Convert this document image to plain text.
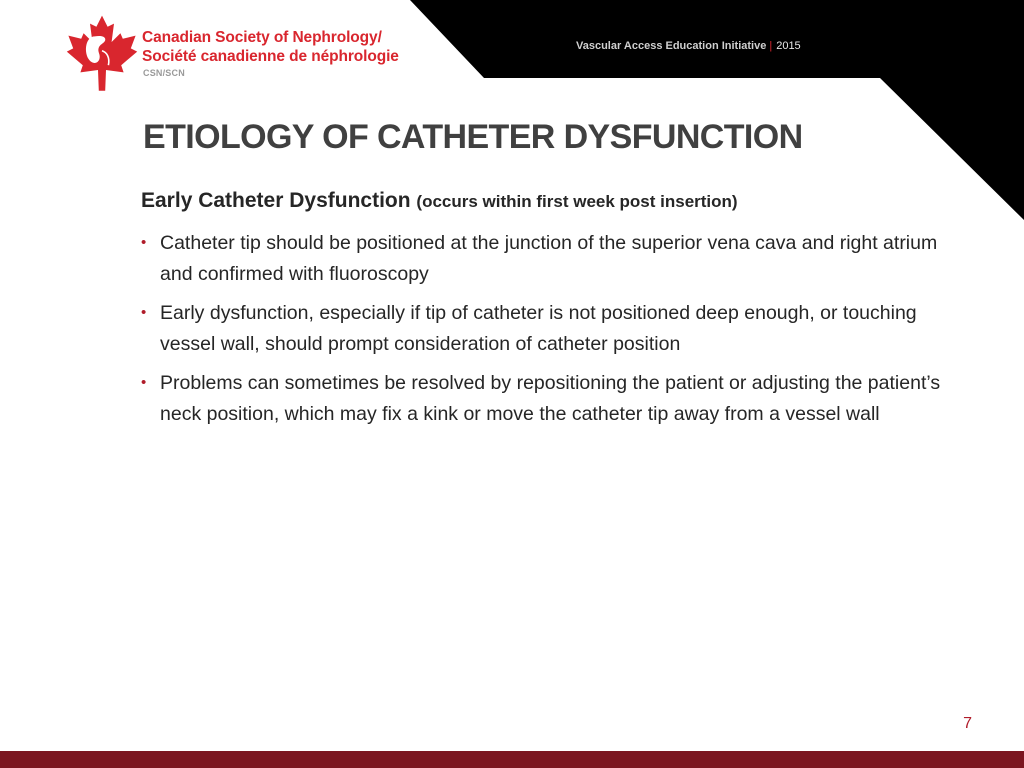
Canadian Society of Nephrology/
Société canadienne de néphrologie
CSN/SCN
Vascular Access Education Initiative | 2015
ETIOLOGY OF CATHETER DYSFUNCTION
Early Catheter Dysfunction (occurs within first week post insertion)
• Catheter tip should be positioned at the junction of the superior vena cava and right atrium and confirmed with fluoroscopy
• Early dysfunction, especially if tip of catheter is not positioned deep enough, or touching vessel wall, should prompt consideration of catheter position
• Problems can sometimes be resolved by repositioning the patient or adjusting the patient’s neck position, which may fix a kink or move the catheter tip away from a vessel wall
7
